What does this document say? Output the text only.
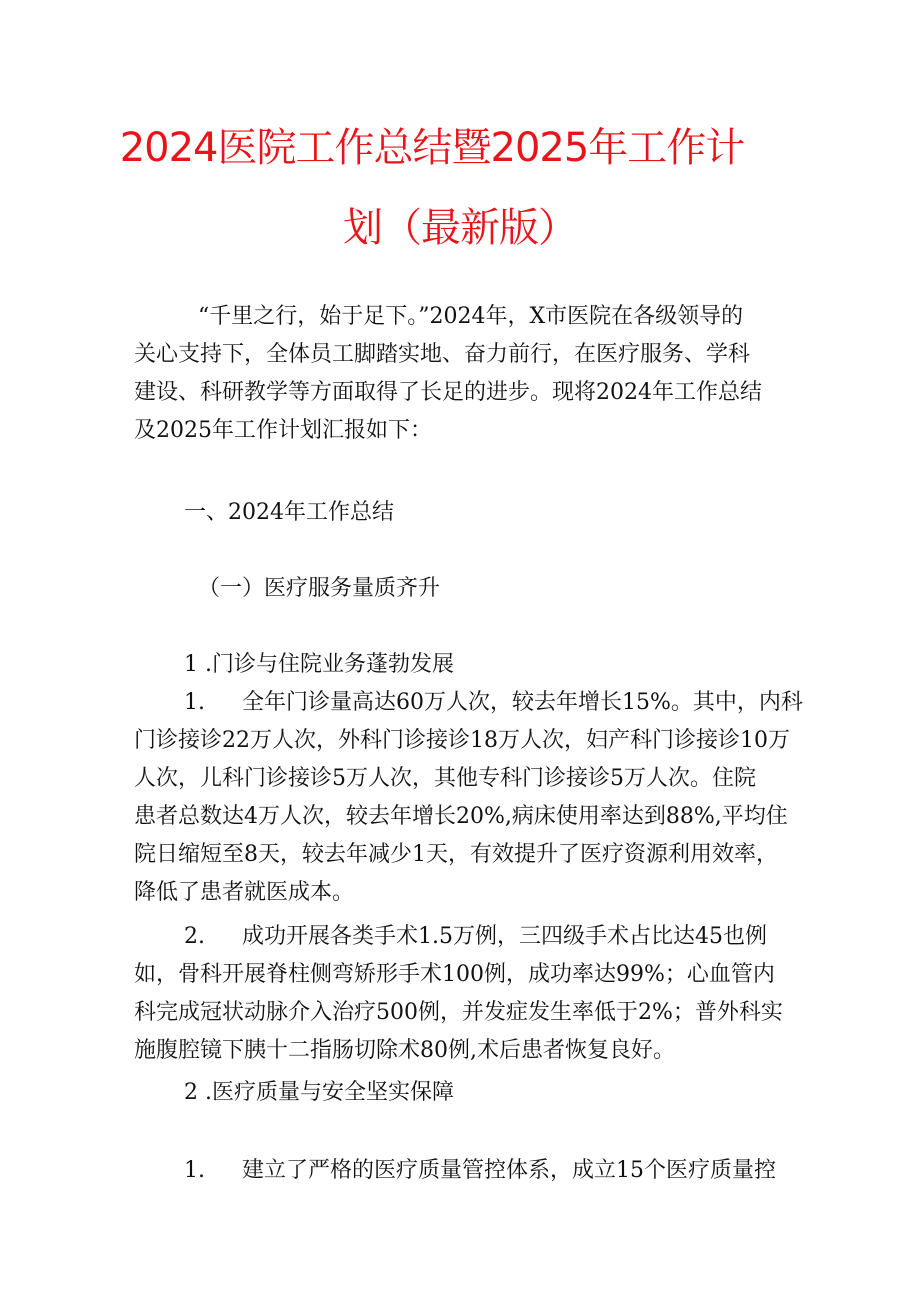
2024医院工作总结暨2025年工作计
划（最新版）
“千里之行，始于足下。”2024年，X市医院在各级领导的
关心支持下，全体员工脚踏实地、奋力前行，在医疗服务、学科
建设、科研教学等方面取得了长足的进步。现将2024年工作总结
及2025年工作计划汇报如下：
一、2024年工作总结
（一）医疗服务量质齐升
1 .门诊与住院业务蓬勃发展
1. 全年门诊量高达60万人次，较去年增长15%。其中，内科
门诊接诊22万人次，外科门诊接诊18万人次，妇产科门诊接诊10万
人次，儿科门诊接诊5万人次，其他专科门诊接诊5万人次。住院
患者总数达4万人次，较去年增长20%,病床使用率达到88%,平均住
院日缩短至8天，较去年减少1天，有效提升了医疗资源利用效率，
降低了患者就医成本。
2. 成功开展各类手术1.5万例，三四级手术占比达45也例
如，骨科开展脊柱侧弯矫形手术100例，成功率达99%；心血管内
科完成冠状动脉介入治疗500例，并发症发生率低于2%；普外科实
施腹腔镜下胰十二指肠切除术80例,术后患者恢复良好。
2 .医疗质量与安全坚实保障
1. 建立了严格的医疗质量管控体系，成立15个医疗质量控
